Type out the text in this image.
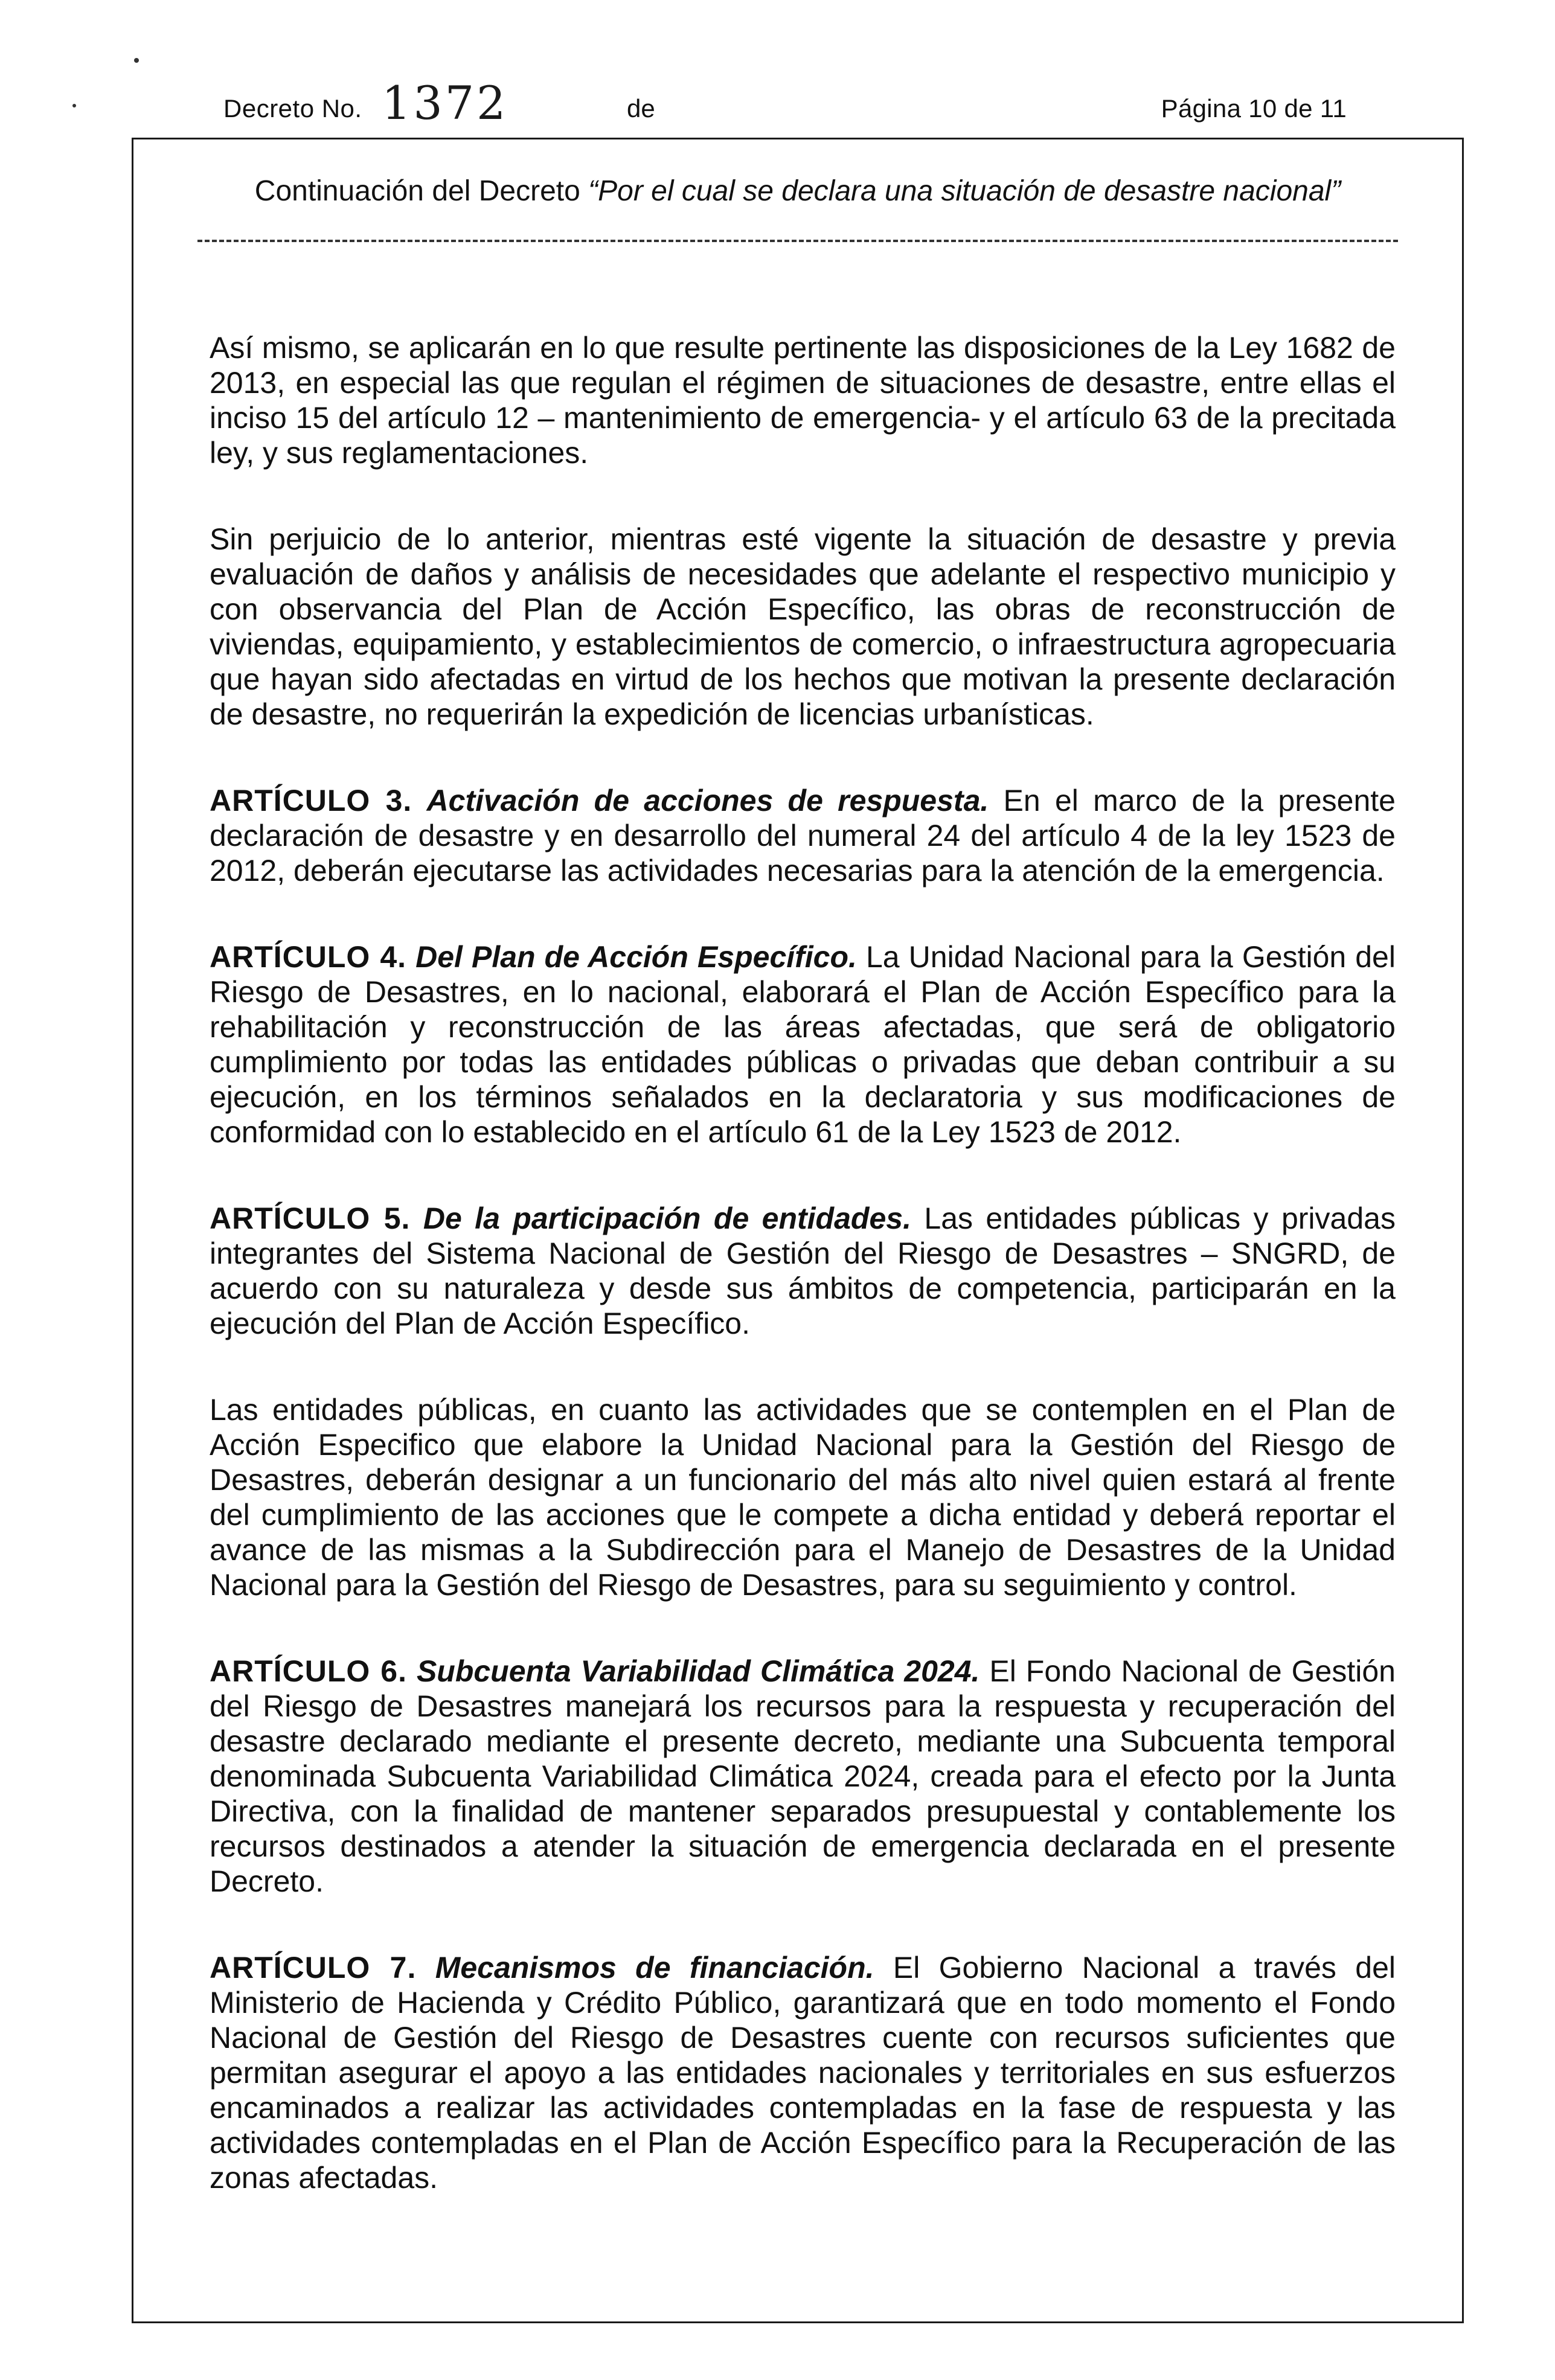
Decreto No. 1372	de	Página 10 de 11
Continuación del Decreto “Por el cual se declara una situación de desastre nacional”

Así mismo, se aplicarán en lo que resulte pertinente las disposiciones de la Ley 1682 de 2013, en especial las que regulan el régimen de situaciones de desastre, entre ellas el inciso 15 del artículo 12 – mantenimiento de emergencia- y el artículo 63 de la precitada ley, y sus reglamentaciones.

Sin perjuicio de lo anterior, mientras esté vigente la situación de desastre y previa evaluación de daños y análisis de necesidades que adelante el respectivo municipio y con observancia del Plan de Acción Específico, las obras de reconstrucción de viviendas, equipamiento, y establecimientos de comercio, o infraestructura agropecuaria que hayan sido afectadas en virtud de los hechos que motivan la presente declaración de desastre, no requerirán la expedición de licencias urbanísticas.

ARTÍCULO 3. Activación de acciones de respuesta. En el marco de la presente declaración de desastre y en desarrollo del numeral 24 del artículo 4 de la ley 1523 de 2012, deberán ejecutarse las actividades necesarias para la atención de la emergencia.

ARTÍCULO 4. Del Plan de Acción Específico. La Unidad Nacional para la Gestión del Riesgo de Desastres, en lo nacional, elaborará el Plan de Acción Específico para la rehabilitación y reconstrucción de las áreas afectadas, que será de obligatorio cumplimiento por todas las entidades públicas o privadas que deban contribuir a su ejecución, en los términos señalados en la declaratoria y sus modificaciones de conformidad con lo establecido en el artículo 61 de la Ley 1523 de 2012.

ARTÍCULO 5. De la participación de entidades. Las entidades públicas y privadas integrantes del Sistema Nacional de Gestión del Riesgo de Desastres – SNGRD, de acuerdo con su naturaleza y desde sus ámbitos de competencia, participarán en la ejecución del Plan de Acción Específico.

Las entidades públicas, en cuanto las actividades que se contemplen en el Plan de Acción Especifico que elabore la Unidad Nacional para la Gestión del Riesgo de Desastres, deberán designar a un funcionario del más alto nivel quien estará al frente del cumplimiento de las acciones que le compete a dicha entidad y deberá reportar el avance de las mismas a la Subdirección para el Manejo de Desastres de la Unidad Nacional para la Gestión del Riesgo de Desastres, para su seguimiento y control.

ARTÍCULO 6. Subcuenta Variabilidad Climática 2024. El Fondo Nacional de Gestión del Riesgo de Desastres manejará los recursos para la respuesta y recuperación del desastre declarado mediante el presente decreto, mediante una Subcuenta temporal denominada Subcuenta Variabilidad Climática 2024, creada para el efecto por la Junta Directiva, con la finalidad de mantener separados presupuestal y contablemente los recursos destinados a atender la situación de emergencia declarada en el presente Decreto.

ARTÍCULO 7. Mecanismos de financiación. El Gobierno Nacional a través del Ministerio de Hacienda y Crédito Público, garantizará que en todo momento el Fondo Nacional de Gestión del Riesgo de Desastres cuente con recursos suficientes que permitan asegurar el apoyo a las entidades nacionales y territoriales en sus esfuerzos encaminados a realizar las actividades contempladas en la fase de respuesta y las actividades contempladas en el Plan de Acción Específico para la Recuperación de las zonas afectadas.
